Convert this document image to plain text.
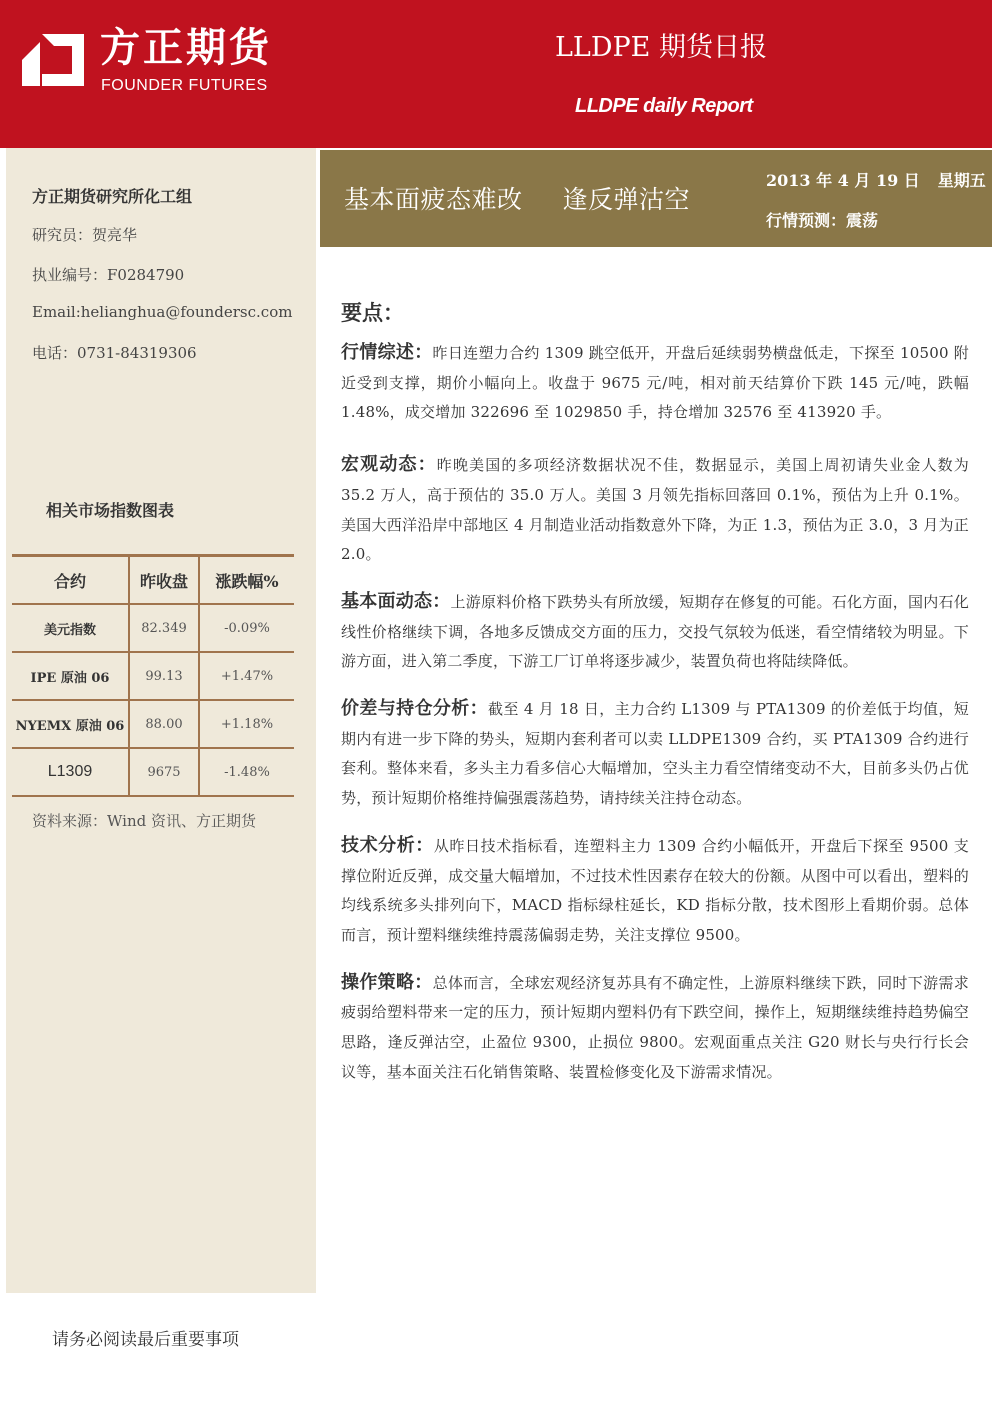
方正期货
FOUNDER FUTURES
LLDPE 期货日报
LLDPE daily Report
方正期货研究所化工组
研究员：贺亮华
执业编号：F0284790
Email:helianghua@foundersc.com
电话：0731-84319306
相关市场指数图表
合约	昨收盘	涨跌幅%
美元指数	82.349	-0.09%
IPE 原油 06	99.13	+1.47%
NYEMX 原油 06	88.00	+1.18%
L1309	9675	-1.48%
资料来源：Wind 资讯、方正期货
请务必阅读最后重要事项
基本面疲态难改 逢反弹沽空
2013 年 4 月 19 日 星期五
行情预测：震荡
要点：

行情综述：昨日连塑力合约 1309 跳空低开，开盘后延续弱势横盘低走，下探至 10500 附近受到支撑，期价小幅向上。收盘于 9675 元/吨，相对前天结算价下跌 145 元/吨，跌幅 1.48%，成交增加 322696 至 1029850 手，持仓增加 32576 至 413920 手。

宏观动态：昨晚美国的多项经济数据状况不佳，数据显示，美国上周初请失业金人数为 35.2 万人，高于预估的 35.0 万人。美国 3 月领先指标回落回 0.1%，预估为上升 0.1%。美国大西洋沿岸中部地区 4 月制造业活动指数意外下降，为正 1.3，预估为正 3.0，3 月为正 2.0。

基本面动态：上游原料价格下跌势头有所放缓，短期存在修复的可能。石化方面，国内石化线性价格继续下调，各地多反馈成交方面的压力，交投气氛较为低迷，看空情绪较为明显。下游方面，进入第二季度，下游工厂订单将逐步减少，装置负荷也将陆续降低。

价差与持仓分析：截至 4 月 18 日，主力合约 L1309 与 PTA1309 的价差低于均值，短期内有进一步下降的势头，短期内套利者可以卖 LLDPE1309 合约，买 PTA1309 合约进行套利。整体来看，多头主力看多信心大幅增加，空头主力看空情绪变动不大，目前多头仍占优势，预计短期价格维持偏强震荡趋势，请持续关注持仓动态。

技术分析：从昨日技术指标看，连塑料主力 1309 合约小幅低开，开盘后下探至 9500 支撑位附近反弹，成交量大幅增加，不过技术性因素存在较大的份额。从图中可以看出，塑料的均线系统多头排列向下，MACD 指标绿柱延长，KD 指标分散，技术图形上看期价弱。总体而言，预计塑料继续维持震荡偏弱走势，关注支撑位 9500。

操作策略：总体而言，全球宏观经济复苏具有不确定性，上游原料继续下跌，同时下游需求疲弱给塑料带来一定的压力，预计短期内塑料仍有下跌空间，操作上，短期继续维持趋势偏空思路，逢反弹沽空，止盈位 9300，止损位 9800。宏观面重点关注 G20 财长与央行行长会议等，基本面关注石化销售策略、装置检修变化及下游需求情况。
